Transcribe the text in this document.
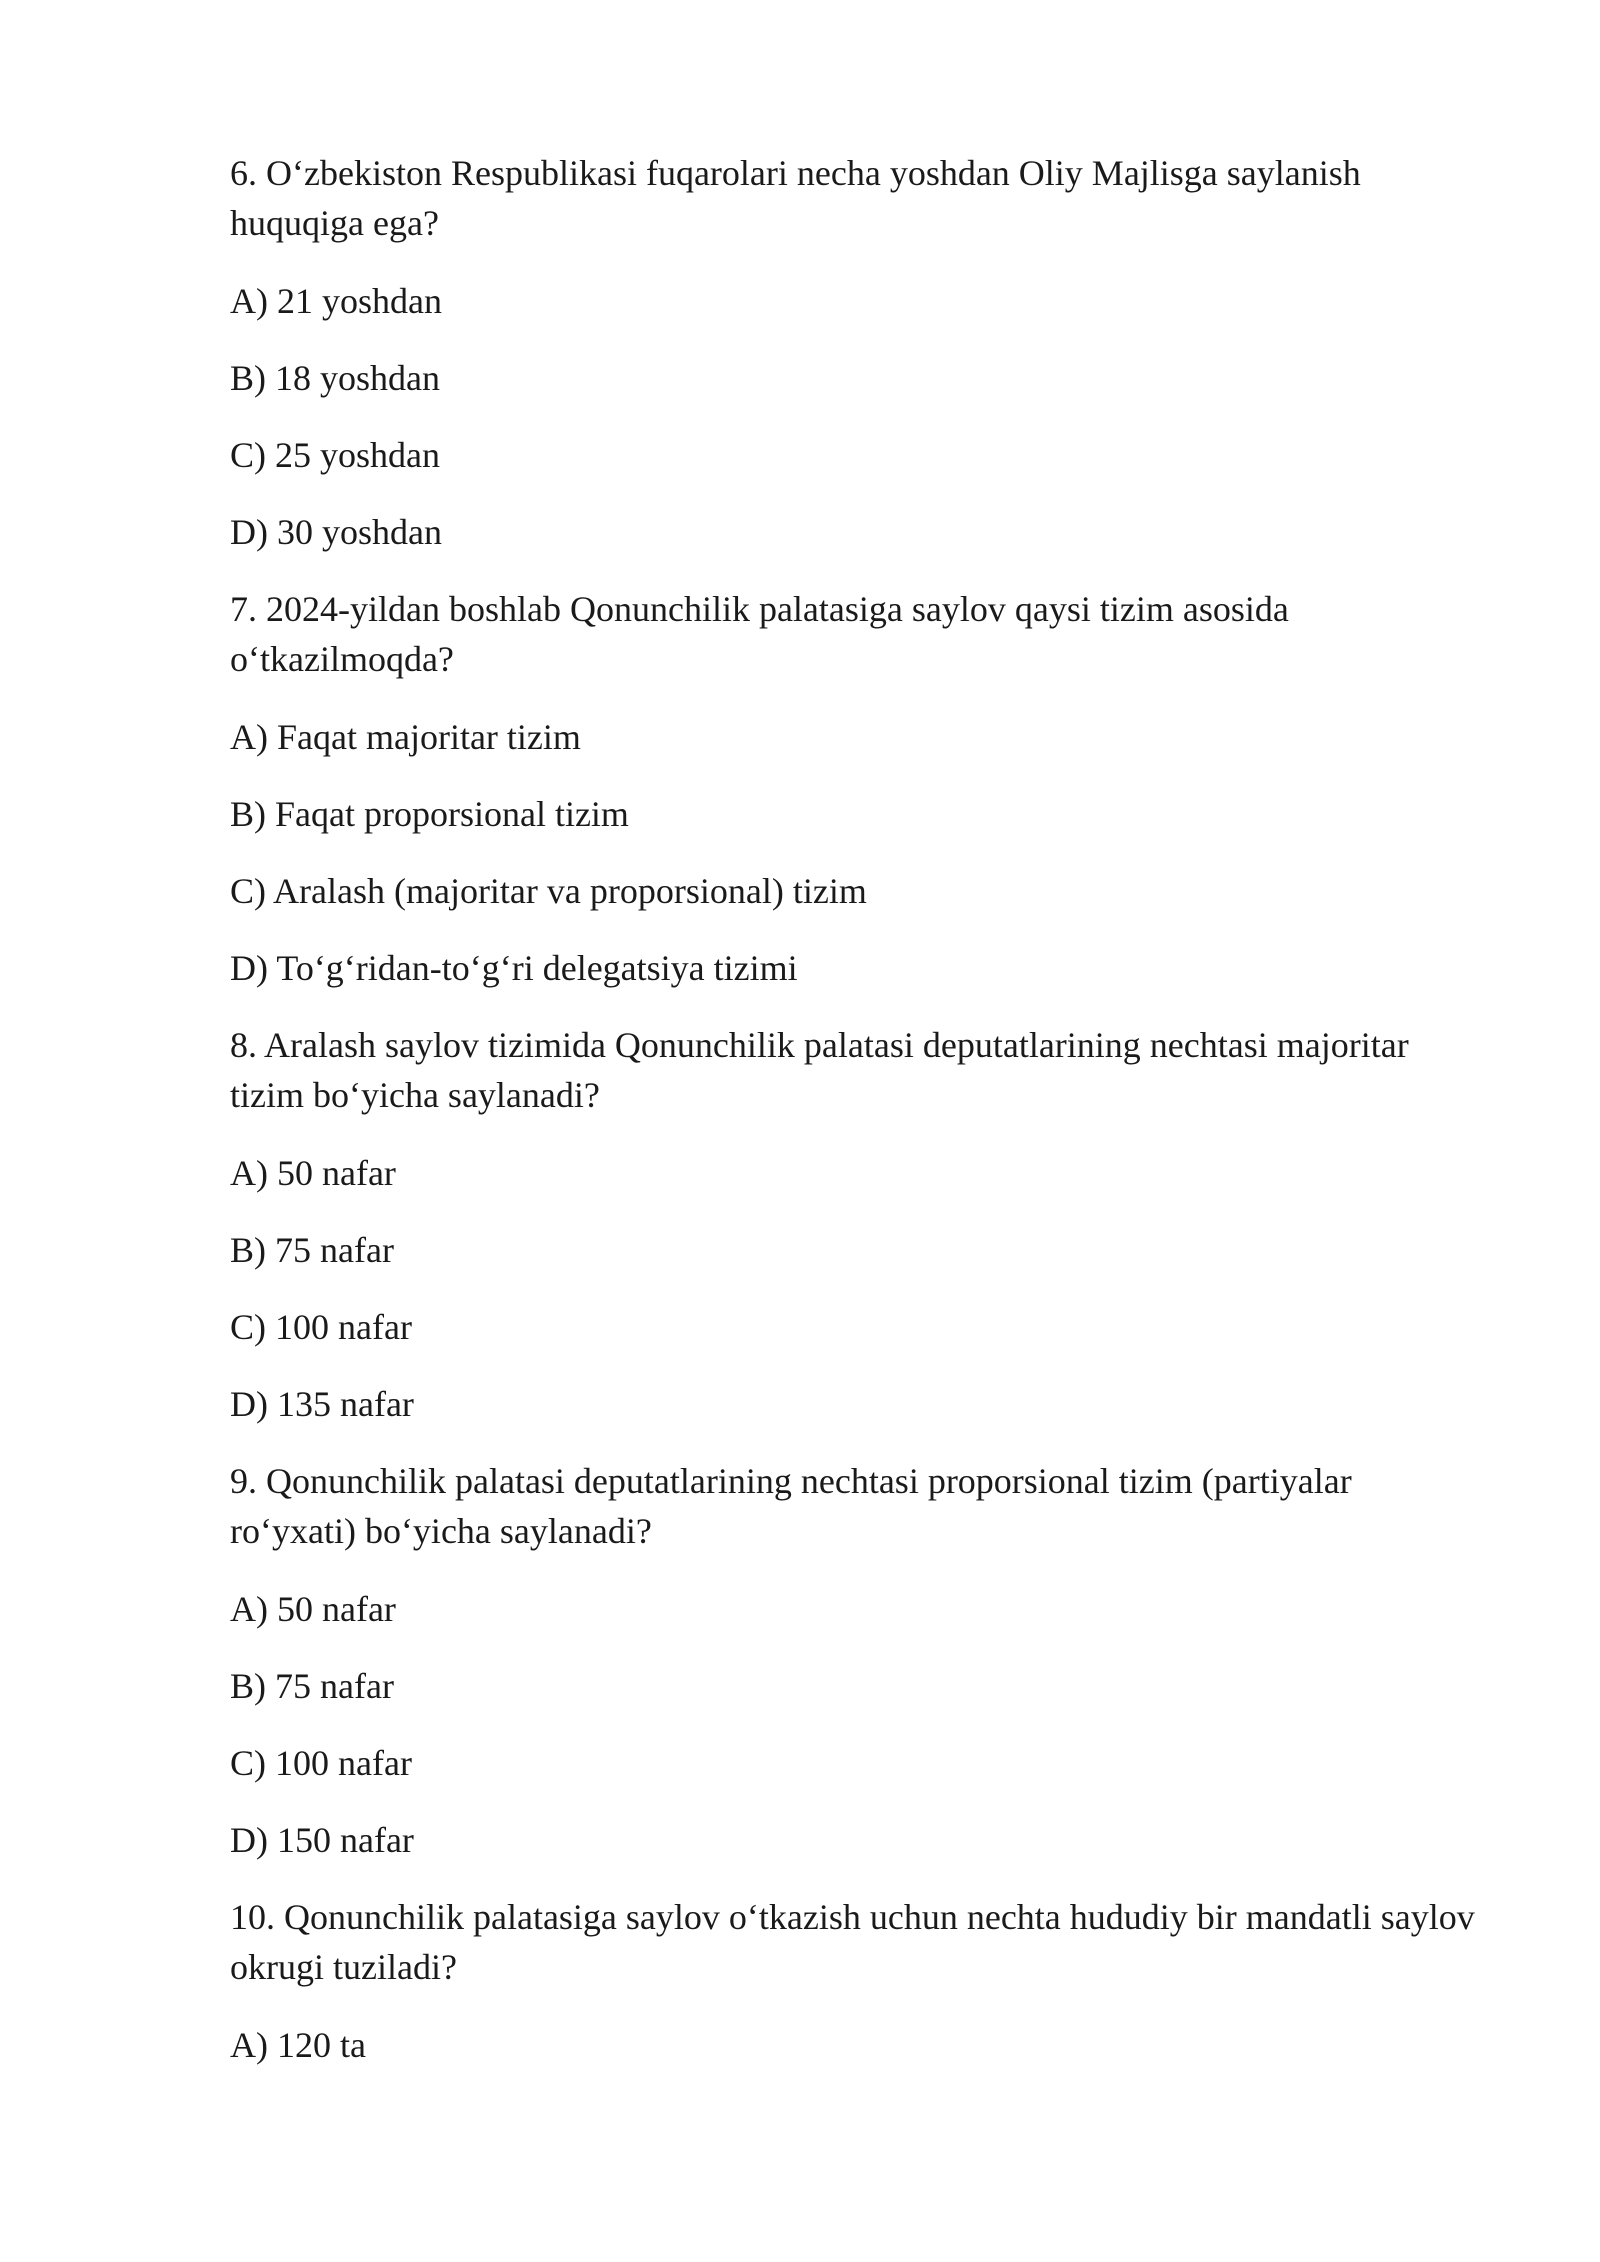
6. O‘zbekiston Respublikasi fuqarolari necha yoshdan Oliy Majlisga saylanish huquqiga ega?

A) 21 yoshdan

B) 18 yoshdan

C) 25 yoshdan

D) 30 yoshdan

7. 2024-yildan boshlab Qonunchilik palatasiga saylov qaysi tizim asosida o‘tkazilmoqda?

A) Faqat majoritar tizim

B) Faqat proporsional tizim

C) Aralash (majoritar va proporsional) tizim

D) To‘g‘ridan-to‘g‘ri delegatsiya tizimi

8. Aralash saylov tizimida Qonunchilik palatasi deputatlarining nechtasi majoritar tizim bo‘yicha saylanadi?

A) 50 nafar

B) 75 nafar

C) 100 nafar

D) 135 nafar

9. Qonunchilik palatasi deputatlarining nechtasi proporsional tizim (partiyalar ro‘yxati) bo‘yicha saylanadi?

A) 50 nafar

B) 75 nafar

C) 100 nafar

D) 150 nafar

10. Qonunchilik palatasiga saylov o‘tkazish uchun nechta hududiy bir mandatli saylov okrugi tuziladi?

A) 120 ta
